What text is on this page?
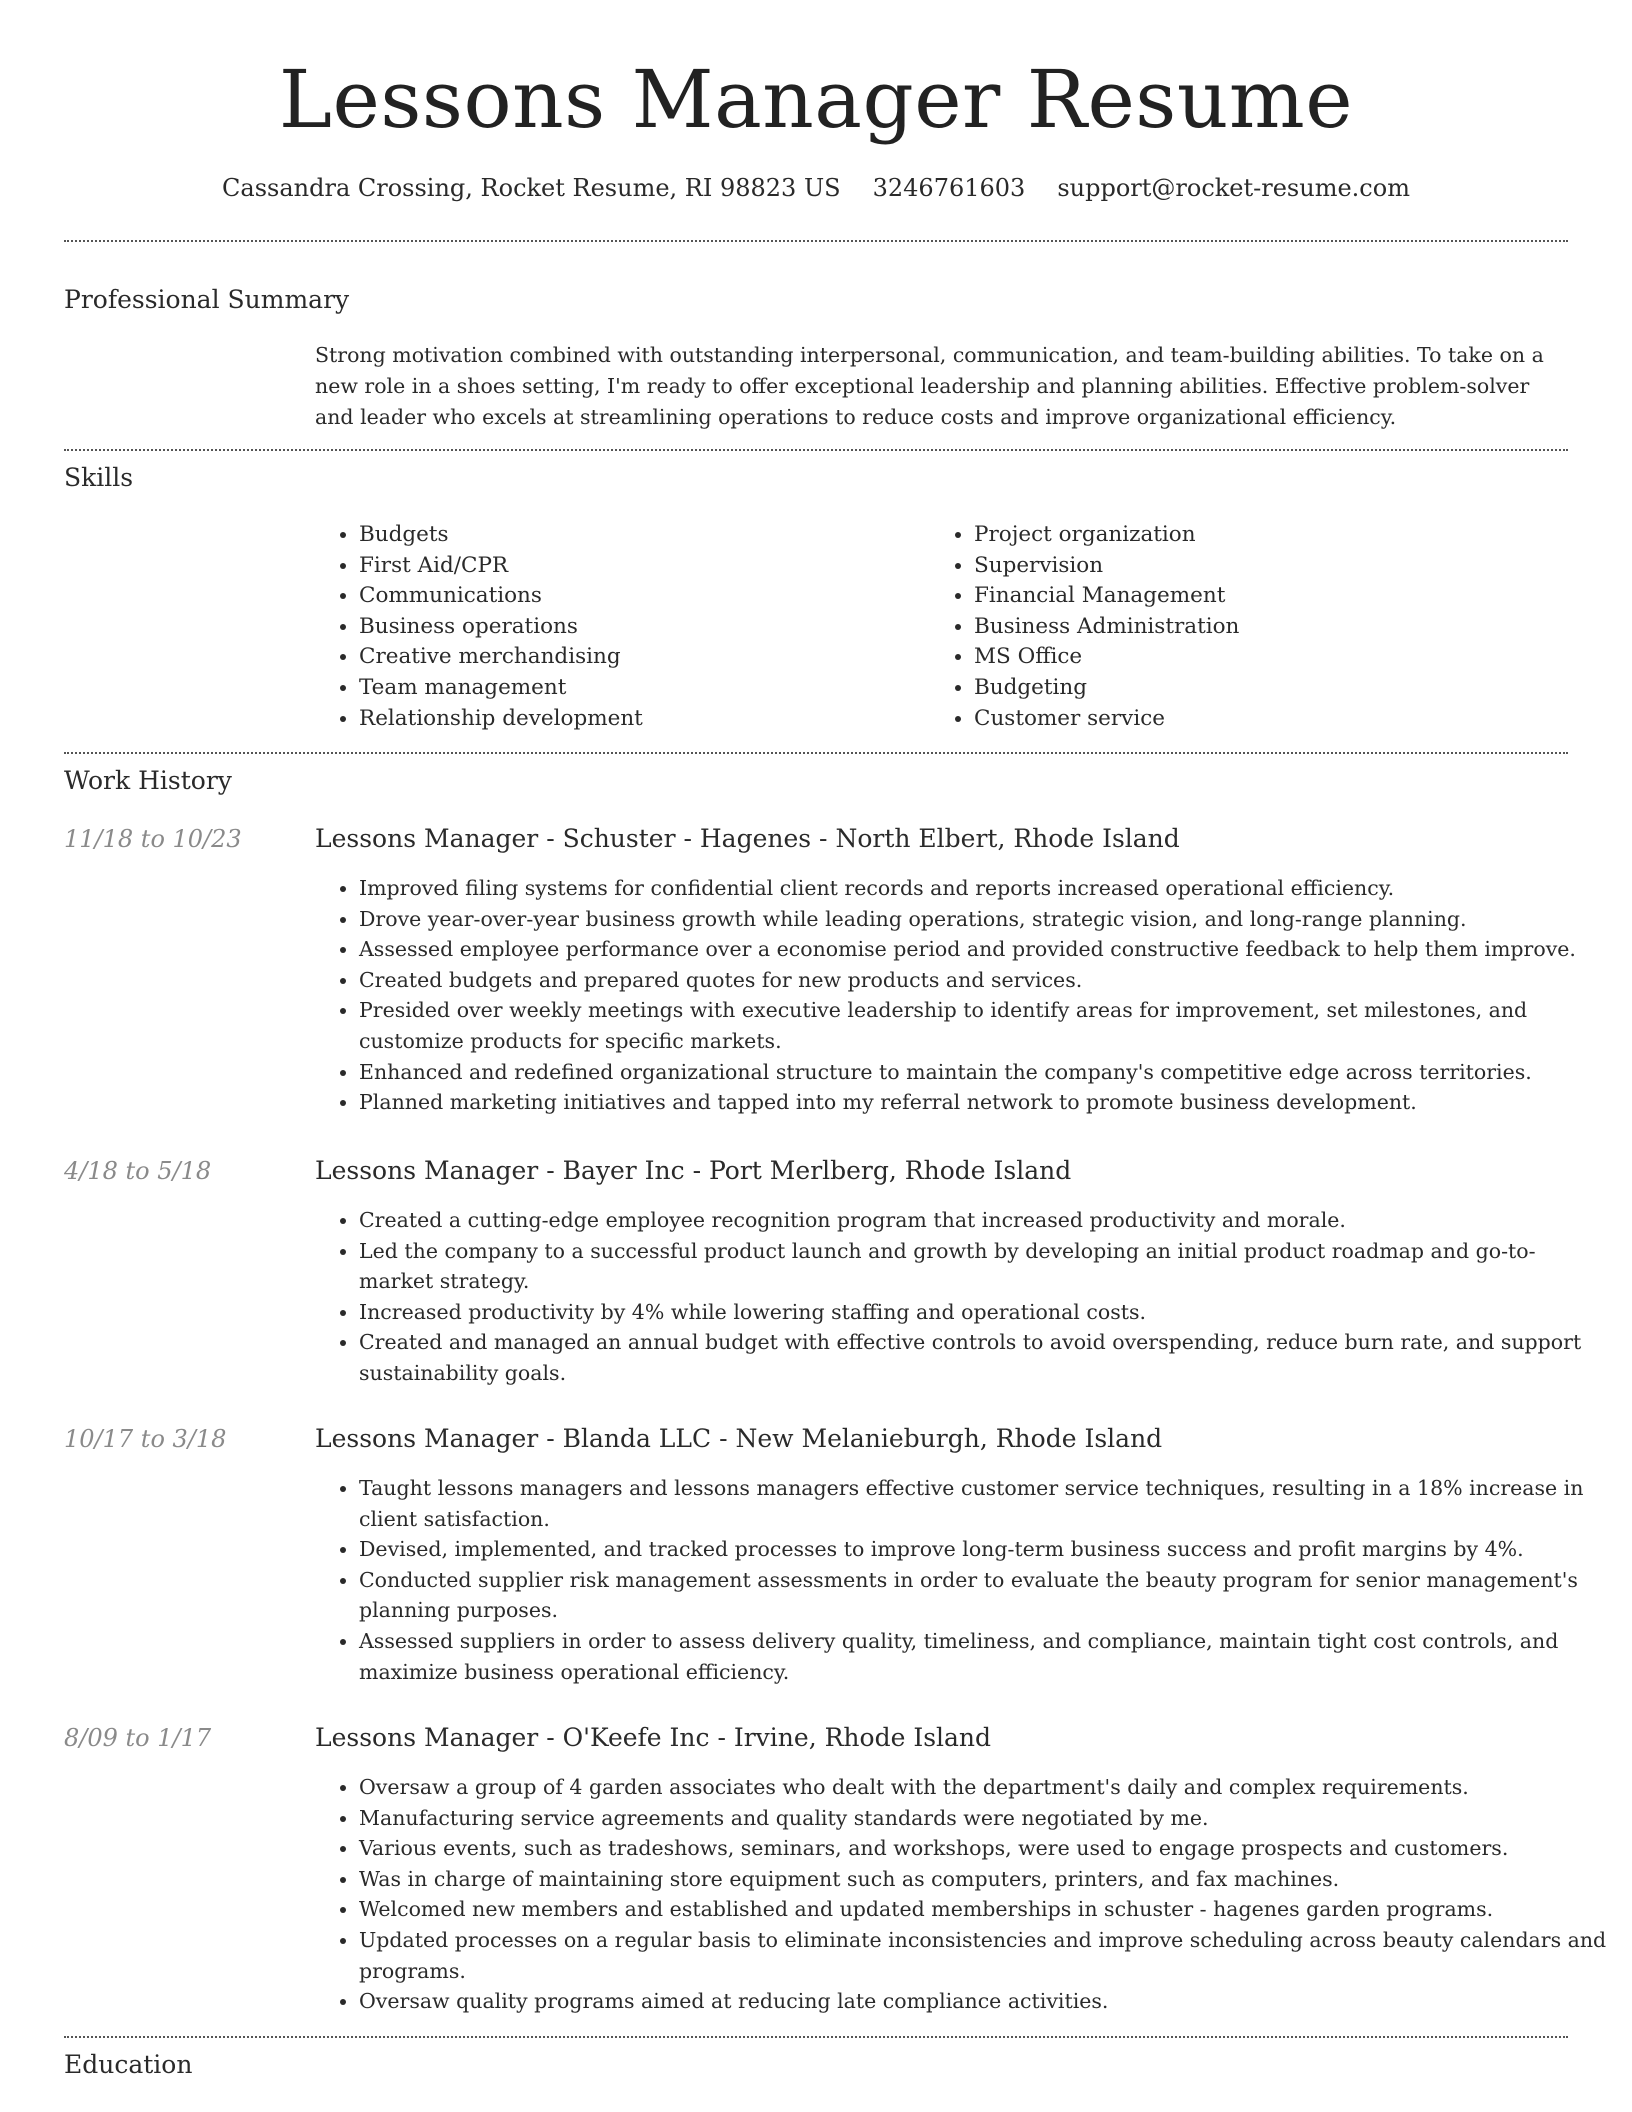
Lessons Manager Resume
Cassandra Crossing, Rocket Resume, RI 98823 US 3246761603 support@rocket-resume.com
Professional Summary

Strong motivation combined with outstanding interpersonal, communication, and team-building abilities. To take on a new role in a shoes setting, I'm ready to offer exceptional leadership and planning abilities. Effective problem-solver and leader who excels at streamlining operations to reduce costs and improve organizational efficiency.

Skills
• Budgets
• First Aid/CPR
• Communications
• Business operations
• Creative merchandising
• Team management
• Relationship development
• Project organization
• Supervision
• Financial Management
• Business Administration
• MS Office
• Budgeting
• Customer service
Work History
11/18 to 10/23	Lessons Manager - Schuster - Hagenes - North Elbert, Rhode Island
• Improved filing systems for confidential client records and reports increased operational efficiency.
• Drove year-over-year business growth while leading operations, strategic vision, and long-range planning.
• Assessed employee performance over a economise period and provided constructive feedback to help them improve.
• Created budgets and prepared quotes for new products and services.
• Presided over weekly meetings with executive leadership to identify areas for improvement, set milestones, and customize products for specific markets.
• Enhanced and redefined organizational structure to maintain the company's competitive edge across territories.
• Planned marketing initiatives and tapped into my referral network to promote business development.
4/18 to 5/18	Lessons Manager - Bayer Inc - Port Merlberg, Rhode Island
• Created a cutting-edge employee recognition program that increased productivity and morale.
• Led the company to a successful product launch and growth by developing an initial product roadmap and go-to-market strategy.
• Increased productivity by 4% while lowering staffing and operational costs.
• Created and managed an annual budget with effective controls to avoid overspending, reduce burn rate, and support sustainability goals.
10/17 to 3/18	Lessons Manager - Blanda LLC - New Melanieburgh, Rhode Island
• Taught lessons managers and lessons managers effective customer service techniques, resulting in a 18% increase in client satisfaction.
• Devised, implemented, and tracked processes to improve long-term business success and profit margins by 4%.
• Conducted supplier risk management assessments in order to evaluate the beauty program for senior management's planning purposes.
• Assessed suppliers in order to assess delivery quality, timeliness, and compliance, maintain tight cost controls, and maximize business operational efficiency.
8/09 to 1/17	Lessons Manager - O'Keefe Inc - Irvine, Rhode Island
• Oversaw a group of 4 garden associates who dealt with the department's daily and complex requirements.
• Manufacturing service agreements and quality standards were negotiated by me.
• Various events, such as tradeshows, seminars, and workshops, were used to engage prospects and customers.
• Was in charge of maintaining store equipment such as computers, printers, and fax machines.
• Welcomed new members and established and updated memberships in schuster - hagenes garden programs.
• Updated processes on a regular basis to eliminate inconsistencies and improve scheduling across beauty calendars and programs.
• Oversaw quality programs aimed at reducing late compliance activities.
Education
